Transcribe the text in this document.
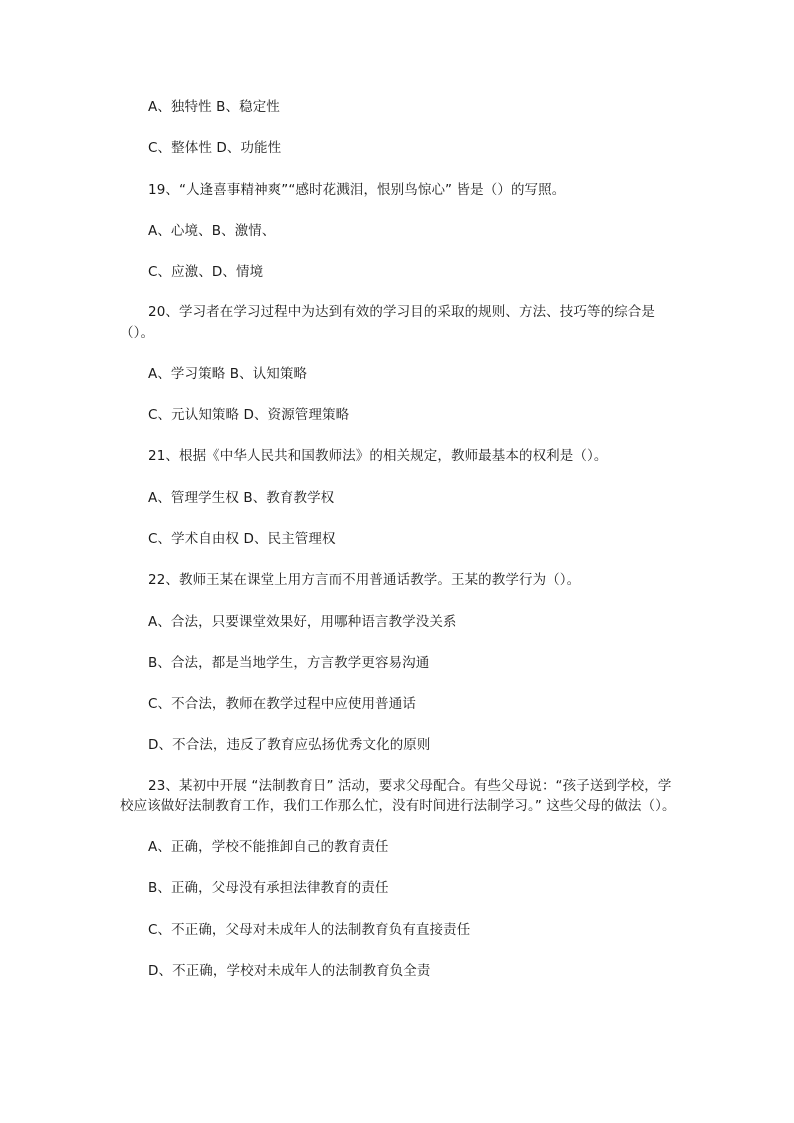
A、独特性 B、稳定性

C、整体性 D、功能性

19、“人逢喜事精神爽”“感时花溅泪，恨别鸟惊心” 皆是（）的写照。

A、心境、B、激情、

C、应激、D、情境

20、学习者在学习过程中为达到有效的学习目的采取的规则、方法、技巧等的综合是（）。

A、学习策略 B、认知策略

C、元认知策略 D、资源管理策略

21、根据《中华人民共和国教师法》的相关规定，教师最基本的权利是（）。

A、管理学生权 B、教育教学权

C、学术自由权 D、民主管理权

22、教师王某在课堂上用方言而不用普通话教学。王某的教学行为（）。

A、合法，只要课堂效果好，用哪种语言教学没关系

B、合法，都是当地学生，方言教学更容易沟通

C、不合法，教师在教学过程中应使用普通话

D、不合法，违反了教育应弘扬优秀文化的原则

23、某初中开展 “法制教育日” 活动，要求父母配合。有些父母说：“孩子送到学校，学校应该做好法制教育工作，我们工作那么忙，没有时间进行法制学习。” 这些父母的做法（）。

A、正确，学校不能推卸自己的教育责任

B、正确，父母没有承担法律教育的责任

C、不正确，父母对未成年人的法制教育负有直接责任

D、不正确，学校对未成年人的法制教育负全责
